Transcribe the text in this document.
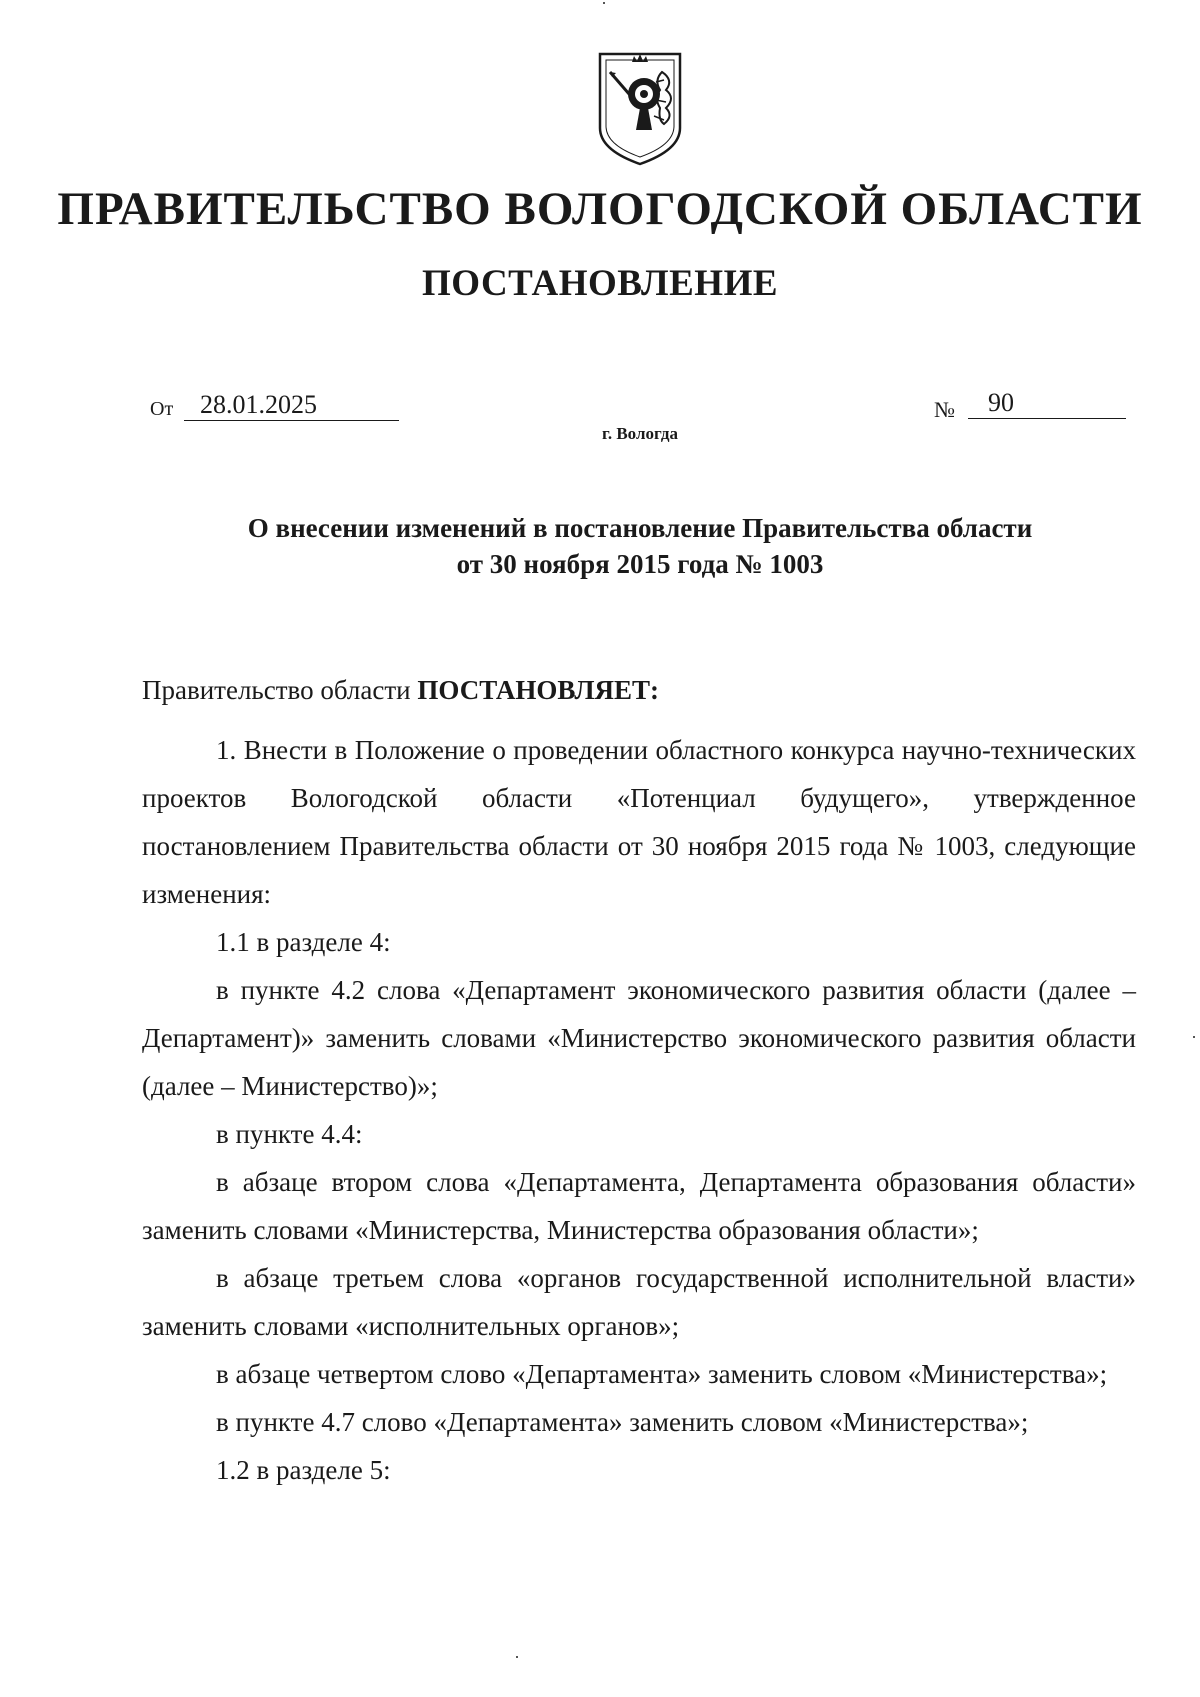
ПРАВИТЕЛЬСТВО ВОЛОГОДСКОЙ ОБЛАСТИ
ПОСТАНОВЛЕНИЕ
От	28.01.2025	№	90
г. Вологда
О внесении изменений в постановление Правительства области
от 30 ноября 2015 года № 1003

Правительство области ПОСТАНОВЛЯЕТ:

1. Внести в Положение о проведении областного конкурса научно-технических проектов Вологодской области «Потенциал будущего», утвержденное постановлением Правительства области от 30 ноября 2015 года № 1003, следующие изменения:

1.1 в разделе 4:

в пункте 4.2 слова «Департамент экономического развития области (далее – Департамент)» заменить словами «Министерство экономического развития области (далее – Министерство)»;

в пункте 4.4:

в абзаце втором слова «Департамента, Департамента образования области» заменить словами «Министерства, Министерства образования области»;

в абзаце третьем слова «органов государственной исполнительной власти» заменить словами «исполнительных органов»;

в абзаце четвертом слово «Департамента» заменить словом «Министерства»;

в пункте 4.7 слово «Департамента» заменить словом «Министерства»;

1.2 в разделе 5:
